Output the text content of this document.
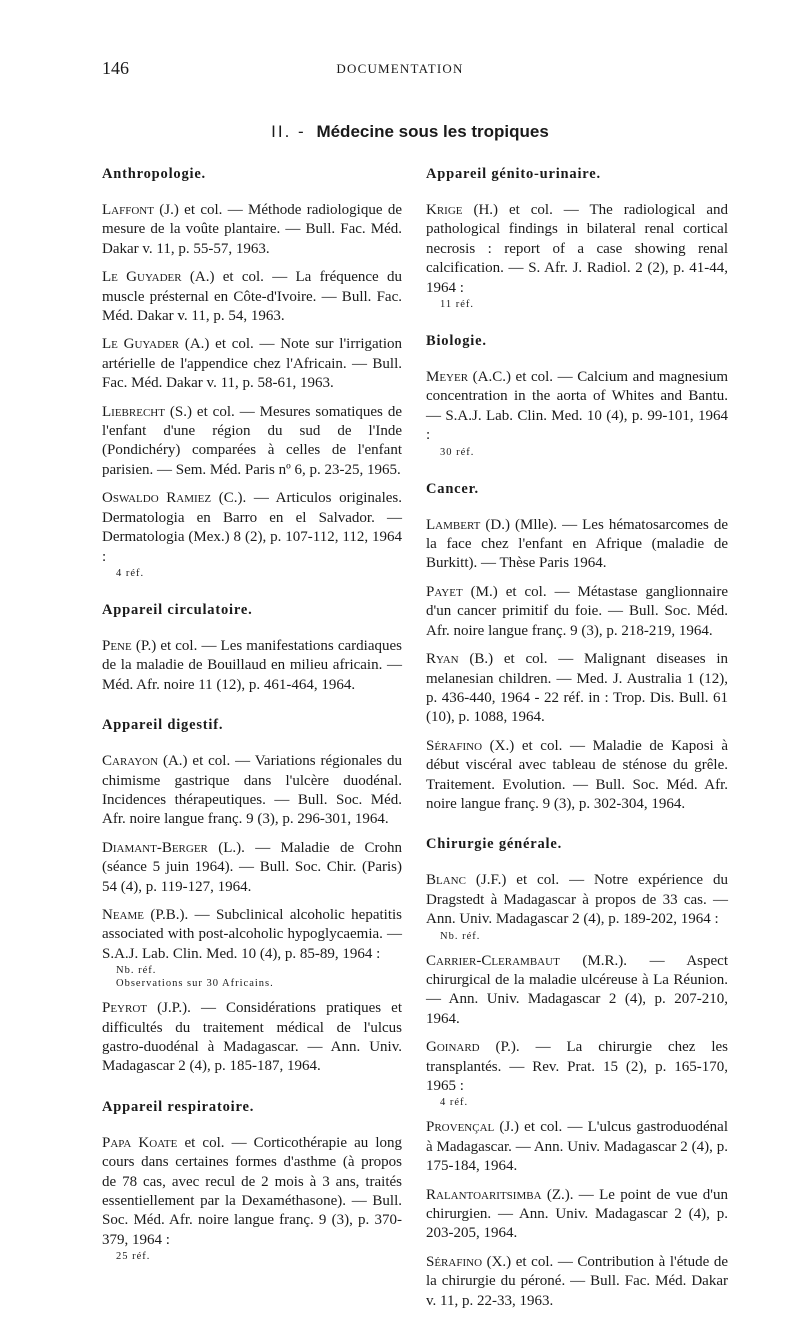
146	DOCUMENTATION
II. - Médecine sous les tropiques
Anthropologie.
Laffont (J.) et col. — Méthode radiologique de mesure de la voûte plantaire. — Bull. Fac. Méd. Dakar v. 11, p. 55-57, 1963.
Le Guyader (A.) et col. — La fréquence du muscle présternal en Côte-d'Ivoire. — Bull. Fac. Méd. Dakar v. 11, p. 54, 1963.
Le Guyader (A.) et col. — Note sur l'irrigation artérielle de l'appendice chez l'Africain. — Bull. Fac. Méd. Dakar v. 11, p. 58-61, 1963.
Liebrecht (S.) et col. — Mesures somatiques de l'enfant d'une région du sud de l'Inde (Pondichéry) comparées à celles de l'enfant parisien. — Sem. Méd. Paris nº 6, p. 23-25, 1965.
Oswaldo Ramiez (C.). — Articulos originales. Dermatologia en Barro en el Salvador. — Dermatologia (Mex.) 8 (2), p. 107-112, 112, 1964 :
4 réf.
Appareil circulatoire.
Pene (P.) et col. — Les manifestations cardiaques de la maladie de Bouillaud en milieu africain. — Méd. Afr. noire 11 (12), p. 461-464, 1964.
Appareil digestif.
Carayon (A.) et col. — Variations régionales du chimisme gastrique dans l'ulcère duodénal. Incidences thérapeutiques. — Bull. Soc. Méd. Afr. noire langue franç. 9 (3), p. 296-301, 1964.
Diamant-Berger (L.). — Maladie de Crohn (séance 5 juin 1964). — Bull. Soc. Chir. (Paris) 54 (4), p. 119-127, 1964.
Neame (P.B.). — Subclinical alcoholic hepatitis associated with post-alcoholic hypoglycaemia. — S.A.J. Lab. Clin. Med. 10 (4), p. 85-89, 1964 :
Nb. réf.
Observations sur 30 Africains.
Peyrot (J.P.). — Considérations pratiques et difficultés du traitement médical de l'ulcus gastro-duodénal à Madagascar. — Ann. Univ. Madagascar 2 (4), p. 185-187, 1964.
Appareil respiratoire.
Papa Koate et col. — Corticothérapie au long cours dans certaines formes d'asthme (à propos de 78 cas, avec recul de 2 mois à 3 ans, traités essentiellement par la Dexaméthasone). — Bull. Soc. Méd. Afr. noire langue franç. 9 (3), p. 370-379, 1964 :
25 réf.
Appareil génito-urinaire.
Krige (H.) et col. — The radiological and pathological findings in bilateral renal cortical necrosis : report of a case showing renal calcification. — S. Afr. J. Radiol. 2 (2), p. 41-44, 1964 :
11 réf.
Biologie.
Meyer (A.C.) et col. — Calcium and magnesium concentration in the aorta of Whites and Bantu. — S.A.J. Lab. Clin. Med. 10 (4), p. 99-101, 1964 :
30 réf.
Cancer.
Lambert (D.) (Mlle). — Les hématosarcomes de la face chez l'enfant en Afrique (maladie de Burkitt). — Thèse Paris 1964.
Payet (M.) et col. — Métastase ganglionnaire d'un cancer primitif du foie. — Bull. Soc. Méd. Afr. noire langue franç. 9 (3), p. 218-219, 1964.
Ryan (B.) et col. — Malignant diseases in melanesian children. — Med. J. Australia 1 (12), p. 436-440, 1964 - 22 réf. in : Trop. Dis. Bull. 61 (10), p. 1088, 1964.
Sérafino (X.) et col. — Maladie de Kaposi à début viscéral avec tableau de sténose du grêle. Traitement. Evolution. — Bull. Soc. Méd. Afr. noire langue franç. 9 (3), p. 302-304, 1964.
Chirurgie générale.
Blanc (J.F.) et col. — Notre expérience du Dragstedt à Madagascar à propos de 33 cas. — Ann. Univ. Madagascar 2 (4), p. 189-202, 1964 :
Nb. réf.
Carrier-Clerambaut (M.R.). — Aspect chirurgical de la maladie ulcéreuse à La Réunion. — Ann. Univ. Madagascar 2 (4), p. 207-210, 1964.
Goinard (P.). — La chirurgie chez les transplantés. — Rev. Prat. 15 (2), p. 165-170, 1965 :
4 réf.
Provençal (J.) et col. — L'ulcus gastroduodénal à Madagascar. — Ann. Univ. Madagascar 2 (4), p. 175-184, 1964.
Ralantoaritsimba (Z.). — Le point de vue d'un chirurgien. — Ann. Univ. Madagascar 2 (4), p. 203-205, 1964.
Sérafino (X.) et col. — Contribution à l'étude de la chirurgie du péroné. — Bull. Fac. Méd. Dakar v. 11, p. 22-33, 1963.
